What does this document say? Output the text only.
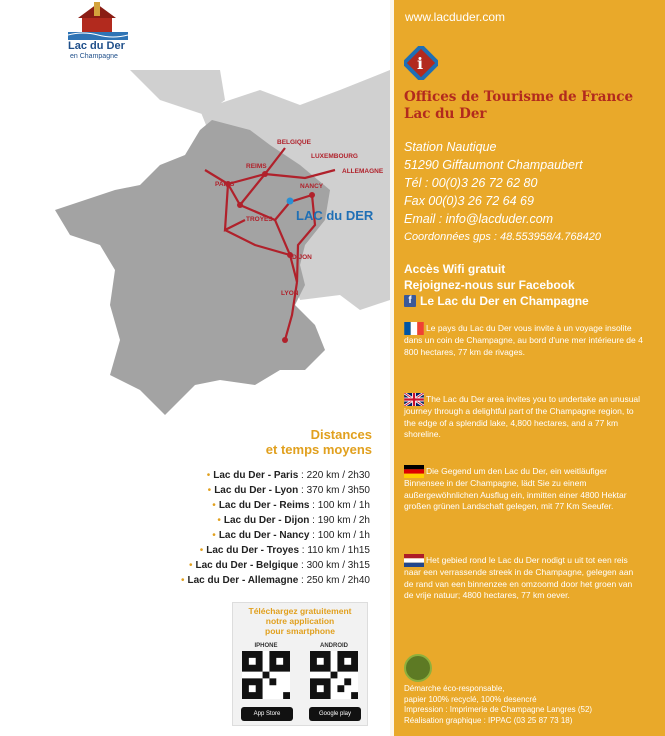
Lac du Der
en Champagne
BELGIQUE
LUXEMBOURG
ALLEMAGNE
REIMS
PARIS	NANCY
TROYES
DIJON
LYON
LAC du DER
Distances
et temps moyens
• Lac du Der - Paris : 220 km / 2h30
• Lac du Der - Lyon : 370 km / 3h50
• Lac du Der - Reims : 100 km / 1h
• Lac du Der - Dijon : 190 km / 2h
• Lac du Der - Nancy : 100 km / 1h
• Lac du Der - Troyes : 110 km / 1h15
• Lac du Der - Belgique : 300 km / 3h15
• Lac du Der - Allemagne : 250 km / 2h40
Téléchargez gratuitement
notre application
pour smartphone
IPHONE
App Store
ANDROID
Google play
www.lacduder.com
i
Offices de Tourisme de France
Lac du Der
Station Nautique
51290 Giffaumont Champaubert
Tél : 00(0)3 26 72 62 80
Fax 00(0)3 26 72 64 69
Email : info@lacduder.com
Coordonnées gps : 48.553958/4.768420
Accès Wifi gratuit
Rejoignez-nous sur Facebook
f Le Lac du Der en Champagne
Le pays du Lac du Der vous invite à un voyage insolite dans un coin de Champagne, au bord d'une mer intérieure de 4 800 hectares, 77 km de rivages.
The Lac du Der area invites you to undertake an unusual journey through a delightful part of the Champagne region, to the edge of a splendid lake, 4,800 hectares, and a 77 km shoreline.
Die Gegend um den Lac du Der, ein weitläufiger Binnensee in der Champagne, lädt Sie zu einem außergewöhnlichen Ausflug ein, inmitten einer 4800 Hektar großen grünen Landschaft gelegen, mit 77 Km Seeufer.
Het gebied rond le Lac du Der nodigt u uit tot een reis naar een verrassende streek in de Champagne, gelegen aan de rand van een binnenzee en omzoomd door het groen van de vrije natuur; 4800 hectares, 77 km oever.
Démarche éco-responsable,
papier 100% recyclé, 100% desencré
Impression : Imprimerie de Champagne Langres (52)
Réalisation graphique : IPPAC (03 25 87 73 18)
